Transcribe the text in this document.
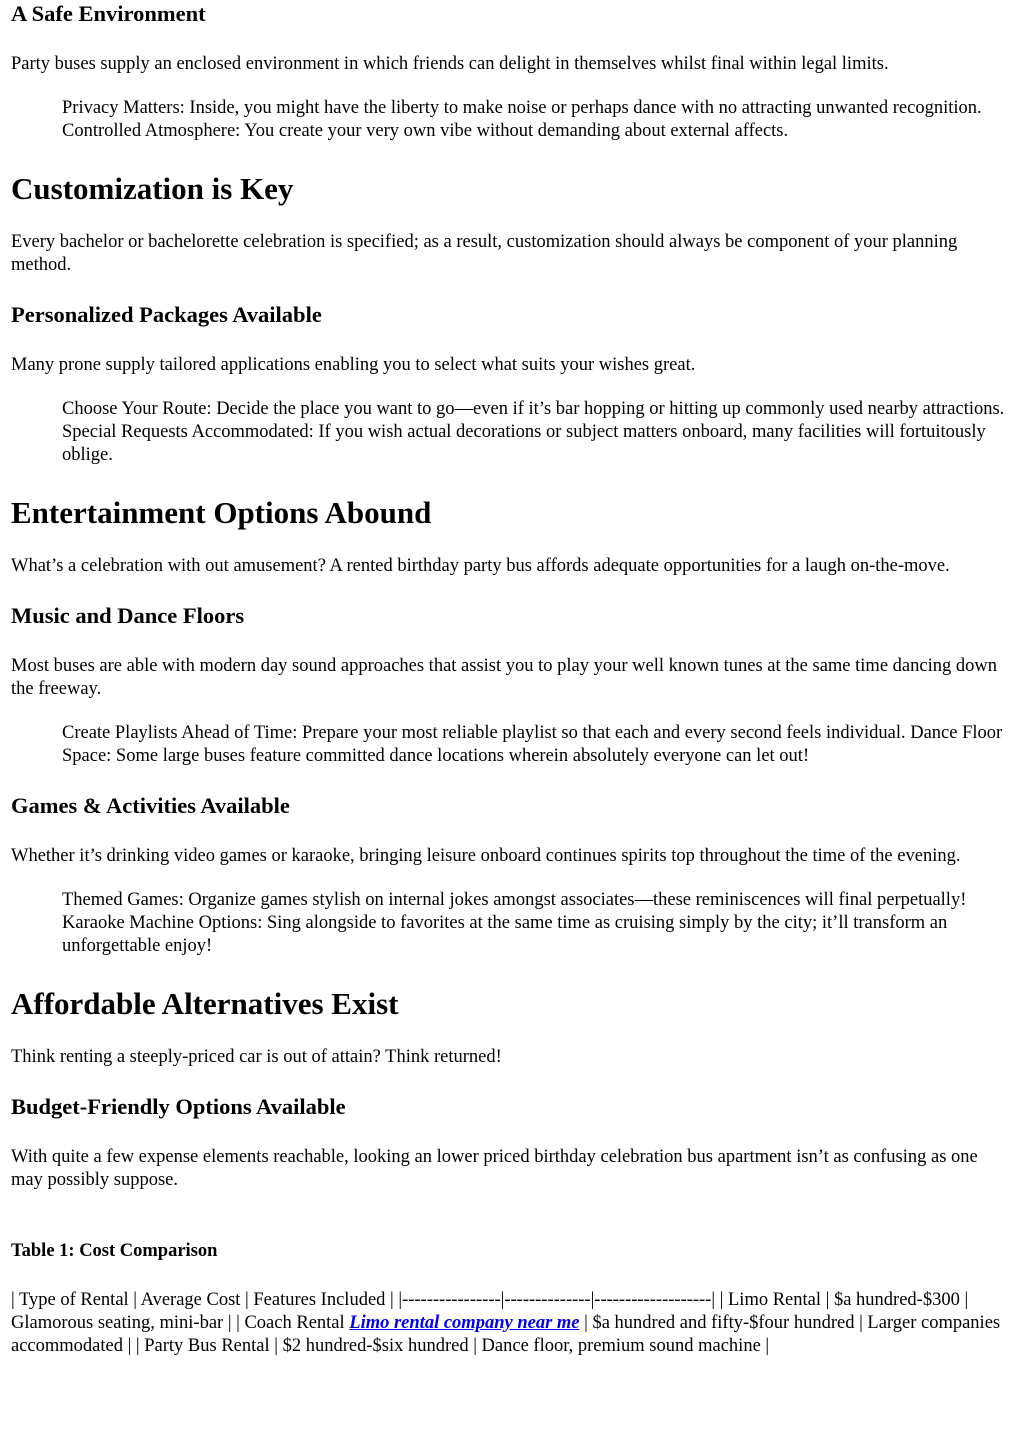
A Safe Environment

Party buses supply an enclosed environment in which friends can delight in themselves whilst final within legal limits.

Privacy Matters: Inside, you might have the liberty to make noise or perhaps dance with no attracting unwanted recognition. Controlled Atmosphere: You create your very own vibe without demanding about external affects.
Customization is Key

Every bachelor or bachelorette celebration is specified; as a result, customization should always be component of your planning method.

Personalized Packages Available

Many prone supply tailored applications enabling you to select what suits your wishes great.

Choose Your Route: Decide the place you want to go—even if it’s bar hopping or hitting up commonly used nearby attractions. Special Requests Accommodated: If you wish actual decorations or subject matters onboard, many facilities will fortuitously oblige.
Entertainment Options Abound

What’s a celebration with out amusement? A rented birthday party bus affords adequate opportunities for a laugh on-the-move.

Music and Dance Floors

Most buses are able with modern day sound approaches that assist you to play your well known tunes at the same time dancing down the freeway.

Create Playlists Ahead of Time: Prepare your most reliable playlist so that each and every second feels individual. Dance Floor Space: Some large buses feature committed dance locations wherein absolutely everyone can let out!
Games & Activities Available

Whether it’s drinking video games or karaoke, bringing leisure onboard continues spirits top throughout the time of the evening.

Themed Games: Organize games stylish on internal jokes amongst associates—these reminiscences will final perpetually! Karaoke Machine Options: Sing alongside to favorites at the same time as cruising simply by the city; it’ll transform an unforgettable enjoy!
Affordable Alternatives Exist

Think renting a steeply-priced car is out of attain? Think returned!

Budget-Friendly Options Available

With quite a few expense elements reachable, looking an lower priced birthday celebration bus apartment isn’t as confusing as one may possibly suppose.

Table 1: Cost Comparison

| Type of Rental | Average Cost | Features Included | |----------------|--------------|-------------------| | Limo Rental | $a hundred-$300 | Glamorous seating, mini-bar | | Coach Rental Limo rental company near me | $a hundred and fifty-$four hundred | Larger companies accommodated | | Party Bus Rental | $2 hundred-$six hundred | Dance floor, premium sound machine |
